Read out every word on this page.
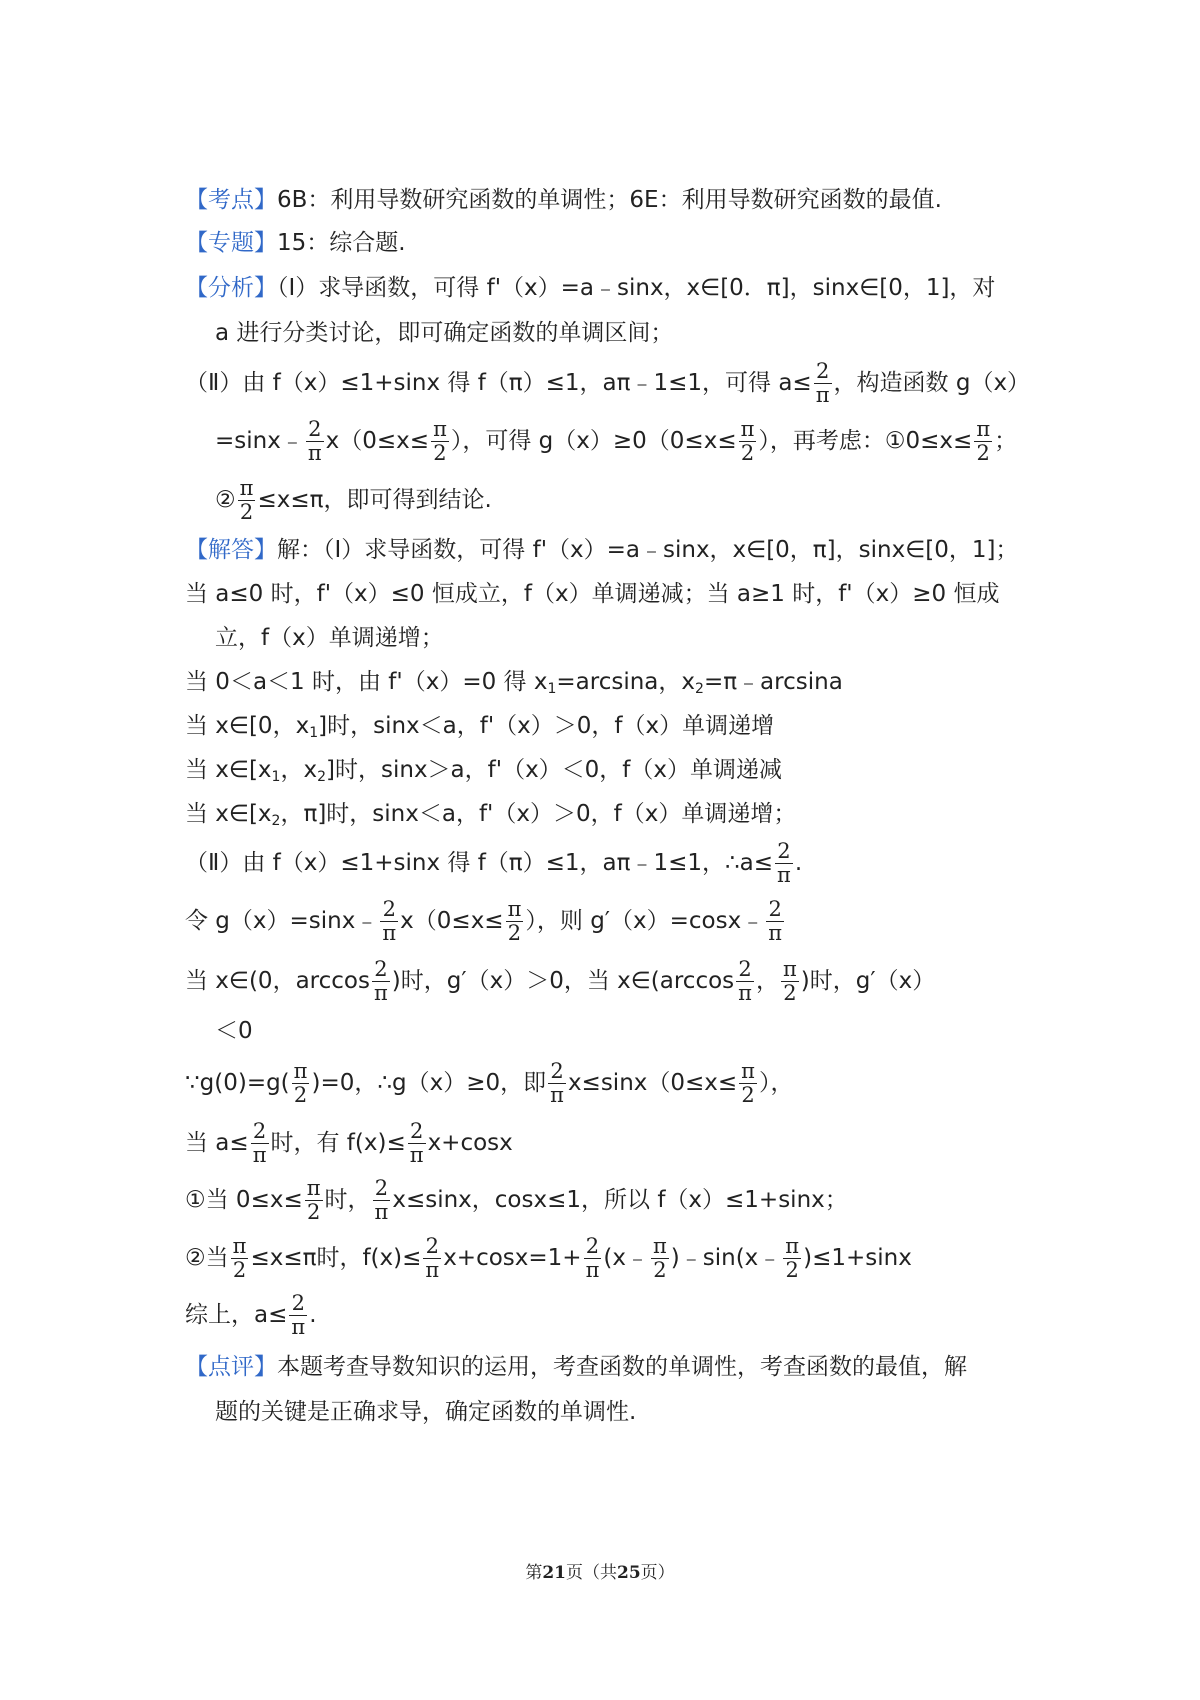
【考点】6B：利用导数研究函数的单调性；6E：利用导数研究函数的最值.
【专题】15：综合题.
【分析】（Ⅰ）求导函数，可得 f'（x）=a﹣sinx，x∈[0．π]，sinx∈[0，1]，对
a 进行分类讨论，即可确定函数的单调区间；
（Ⅱ）由 f（x）≤1+sinx 得 f（π）≤1，aπ﹣1≤1，可得 $a\le \frac{2}{\pi}$ ，构造函数 g（x）
=sinx﹣ $\frac{2}{\pi} x(0\le x\le \frac{\pi}{2}$ ），可得 $g(x)\ge 0(0\le x\le \frac{\pi}{2}$ ），再考虑：①0≤x≤ $\frac{\pi}{2}$ ；
② $\frac{\pi}{2} \le x\le\pi$，即可得到结论.
【解答】解：（Ⅰ）求导函数，可得 f'（x）=a﹣sinx，x∈[0，π]，sinx∈[0，1]；
当 a≤0 时，f'（x）≤0 恒成立，f（x）单调递减；当 a≥1 时，f'（x）≥0 恒成
立，f（x）单调递增；
当 0＜a＜1 时，由 f'（x）=0 得 $x_1=\arcsin a$，$x_2=\pi﹣\arcsin a$
当 x∈[0，$x_1$]时，sinx＜a，f'（x）＞0，f（x）单调递增
当 $x\in[x_1$，$x_2$]时，sinx＞a，f'（x）＜0，f（x）单调递减
当 $x\in[x_2$，π]时，sinx＜a，f'（x）＞0，f（x）单调递增；
（Ⅱ）由 f（x）≤1+sinx 得 f（π）≤1，aπ﹣1≤1，∴a≤ $\frac{2}{\pi}$ .
令 g（x）=sinx﹣ $\frac{2}{\pi} x(0\le x\le \frac{\pi}{2}$ ），则 g′（x）=cosx﹣ $\frac{2}{\pi}$
当 x∈(0，$\arccos \frac{2}{\pi}$ )时，g′（x）＞0，当 x∈(arccos $\frac{2}{\pi}$ ， $\frac{\pi}{2}$ )时，g′（x）
＜0
∵g(0)=g( $\frac{\pi}{2} )=0$，∴g（x）≥0，即 $\frac{2}{\pi} x\le\sin x(0\le x\le \frac{\pi}{2}$ ），
当 $a\le \frac{2}{\pi}$ 时，有 $f(x)\le \frac{2}{\pi} x+\cos x$
①当 $0\le x\le \frac{\pi}{2}$ 时， $\frac{2}{\pi} x\le\sin x$，cosx≤1，所以 f（x）≤1+sinx；
②当 $\frac{\pi}{2} \le x\le\pi$时，$f(x)\le \frac{2}{\pi} x+\cos x=1+ \frac{2}{\pi}$ (x﹣ $\frac{\pi}{2}$ )﹣sin(x﹣ $\frac{\pi}{2} )\le 1+\sin x$
综上，$a\le \frac{2}{\pi}$ .
【点评】本题考查导数知识的运用，考查函数的单调性，考查函数的最值，解
题的关键是正确求导，确定函数的单调性.
第21页（共25页）
